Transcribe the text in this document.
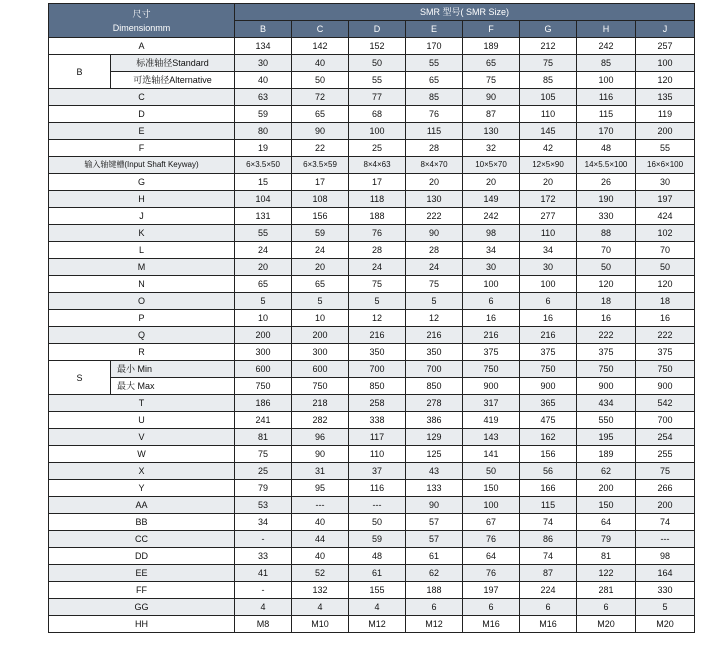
尺寸
Dimensionmm		SMR 型号( SMR Size)							
		B	C	D	E	F	G	H	J
A		134	142	152	170	189	212	242	257
B	标准轴径Standard	30	40	50	55	65	75	85	100
	可选轴径Alternative	40	50	55	65	75	85	100	120
C		63	72	77	85	90	105	116	135
D		59	65	68	76	87	110	115	119
E		80	90	100	115	130	145	170	200
F		19	22	25	28	32	42	48	55
输入轴键槽(Input Shaft Keyway)		6×3.5×50	6×3.5×59	8×4×63	8×4×70	10×5×70	12×5×90	14×5.5×100	16×6×100
G		15	17	17	20	20	20	26	30
H		104	108	118	130	149	172	190	197
J		131	156	188	222	242	277	330	424
K		55	59	76	90	98	110	88	102
L		24	24	28	28	34	34	70	70
M		20	20	24	24	30	30	50	50
N		65	65	75	75	100	100	120	120
O		5	5	5	5	6	6	18	18
P		10	10	12	12	16	16	16	16
Q		200	200	216	216	216	216	222	222
R		300	300	350	350	375	375	375	375
S	最小 Min	600	600	700	700	750	750	750	750
	最大 Max	750	750	850	850	900	900	900	900
T		186	218	258	278	317	365	434	542
U		241	282	338	386	419	475	550	700
V		81	96	117	129	143	162	195	254
W		75	90	110	125	141	156	189	255
X		25	31	37	43	50	56	62	75
Y		79	95	116	133	150	166	200	266
AA		53	---	---	90	100	115	150	200
BB		34	40	50	57	67	74	64	74
CC		-	44	59	57	76	86	79	---
DD		33	40	48	61	64	74	81	98
EE		41	52	61	62	76	87	122	164
FF		-	132	155	188	197	224	281	330
GG		4	4	4	6	6	6	6	5
HH		M8	M10	M12	M12	M16	M16	M20	M20
